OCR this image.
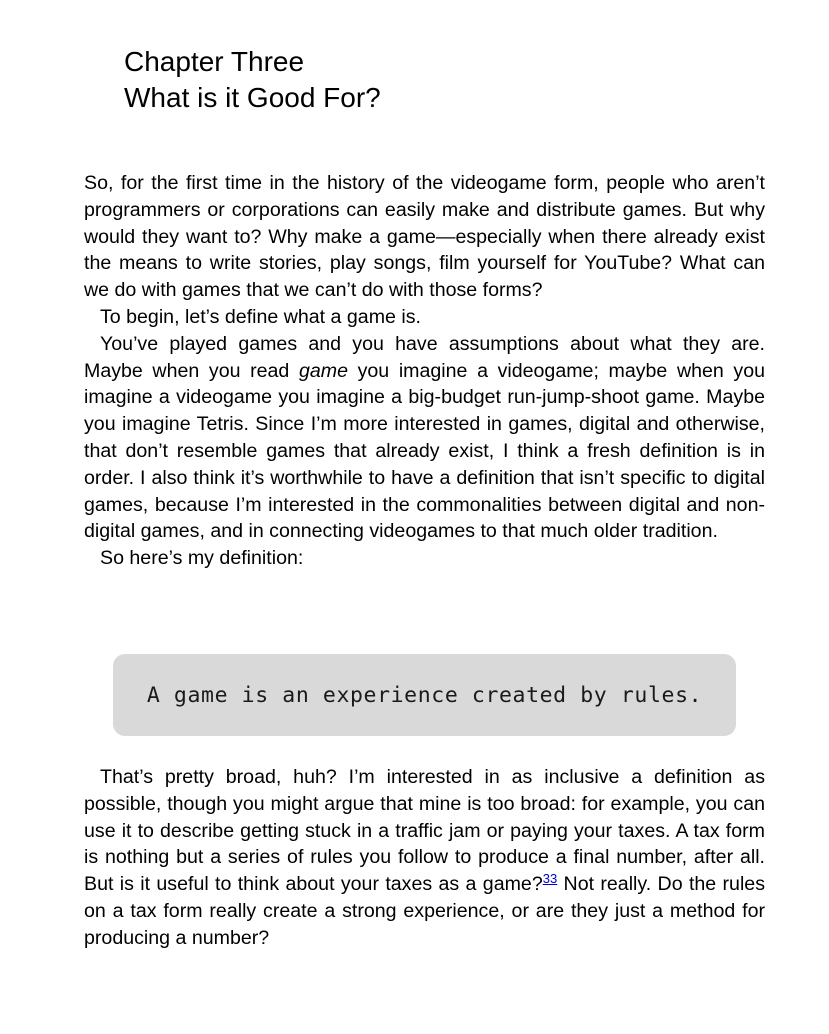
Chapter Three
What is it Good For?

So, for the first time in the history of the videogame form, people who aren’t programmers or corporations can easily make and distribute games. But why would they want to? Why make a game—especially when there already exist the means to write stories, play songs, film yourself for YouTube? What can we do with games that we can’t do with those forms?

To begin, let’s define what a game is.

You’ve played games and you have assumptions about what they are. Maybe when you read game you imagine a videogame; maybe when you imagine a videogame you imagine a big-budget run-jump-shoot game. Maybe you imagine Tetris. Since I’m more interested in games, digital and otherwise, that don’t resemble games that already exist, I think a fresh definition is in order. I also think it’s worthwhile to have a definition that isn’t specific to digital games, because I’m interested in the commonalities between digital and non-digital games, and in connecting videogames to that much older tradition.

So here’s my definition:

A game is an experience created by rules.

That’s pretty broad, huh? I’m interested in as inclusive a definition as possible, though you might argue that mine is too broad: for example, you can use it to describe getting stuck in a traffic jam or paying your taxes. A tax form is nothing but a series of rules you follow to produce a final number, after all. But is it useful to think about your taxes as a game?$^{33}$ Not really. Do the rules on a tax form really create a strong experience, or are they just a method for producing a number?
